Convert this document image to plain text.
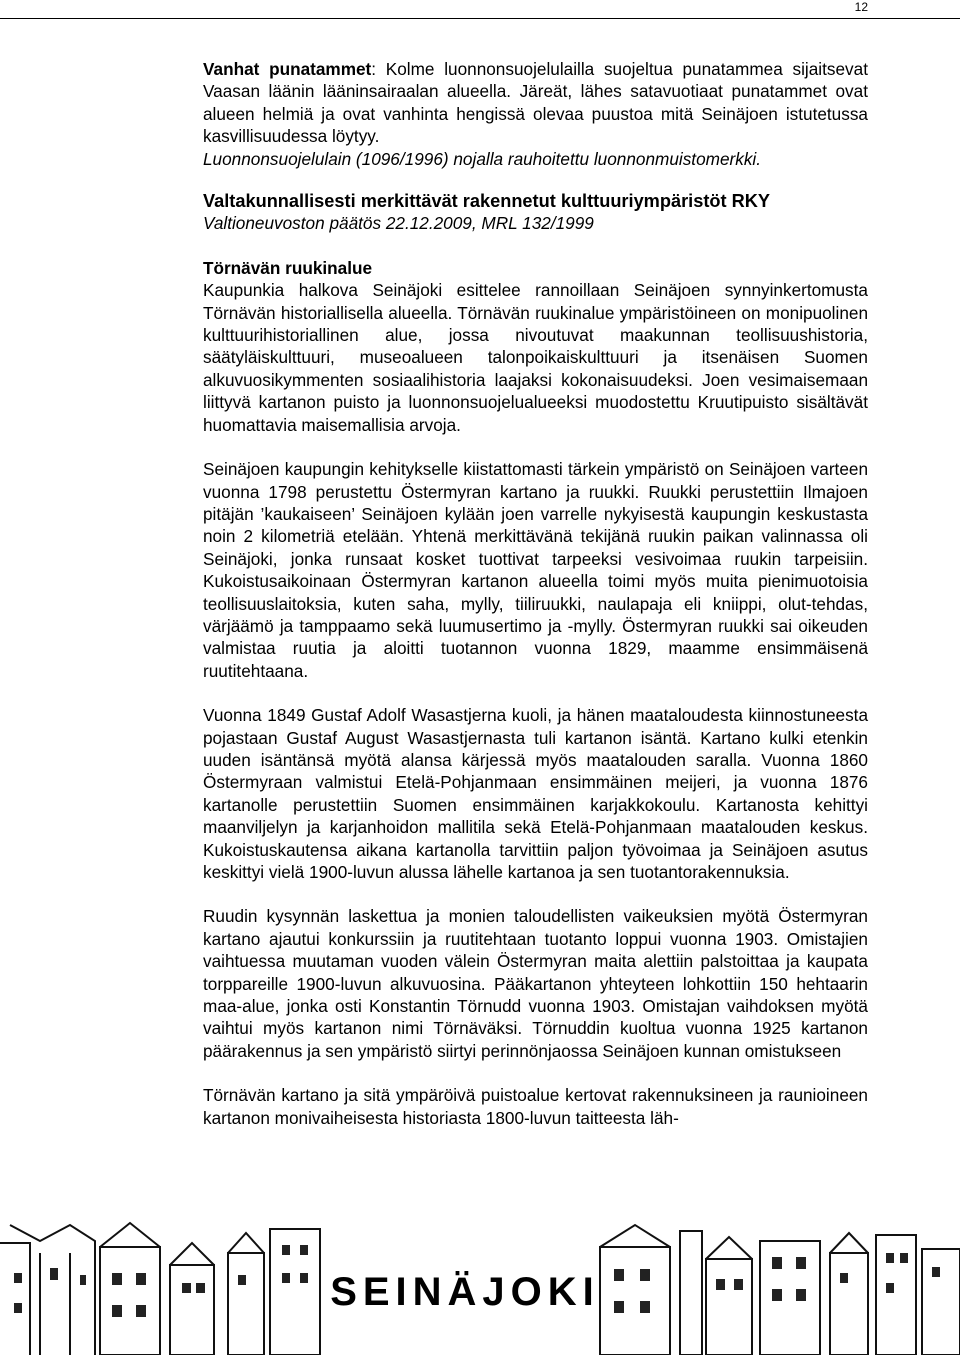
12

Vanhat punatammet: Kolme luonnonsuojelulailla suojeltua punatammea sijaitsevat Vaasan läänin lääninsairaalan alueella. Järeät, lähes satavuotiaat punatammet ovat alueen helmiä ja ovat vanhinta hengissä olevaa puustoa mitä Seinäjoen istutetussa kasvillisuudessa löytyy.

Luonnonsuojelulain (1096/1996) nojalla rauhoitettu luonnonmuistomerkki.

Valtakunnallisesti merkittävät rakennetut kulttuuriympäristöt RKY

Valtioneuvoston päätös 22.12.2009, MRL 132/1999

Törnävän ruukinalue

Kaupunkia halkova Seinäjoki esittelee rannoillaan Seinäjoen synnyinkertomusta Törnävän historiallisella alueella. Törnävän ruukinalue ympäristöineen on monipuolinen kulttuurihistoriallinen alue, jossa nivoutuvat maakunnan teollisuushistoria, säätyläiskulttuuri, museoalueen talonpoikaiskulttuuri ja itsenäisen Suomen alkuvuosikymmenten sosiaalihistoria laajaksi kokonaisuudeksi. Joen vesimaisemaan liittyvä kartanon puisto ja luonnonsuojelualueeksi muodostettu Kruutipuisto sisältävät huomattavia maisemallisia arvoja.

Seinäjoen kaupungin kehitykselle kiistattomasti tärkein ympäristö on Seinäjoen varteen vuonna 1798 perustettu Östermyran kartano ja ruukki. Ruukki perustettiin Ilmajoen pitäjän ’kaukaiseen’ Seinäjoen kylään joen varrelle nykyisestä kaupungin keskustasta noin 2 kilometriä etelään. Yhtenä merkittävänä tekijänä ruukin paikan valinnassa oli Seinäjoki, jonka runsaat kosket tuottivat tarpeeksi vesivoimaa ruukin tarpeisiin. Kukoistusaikoinaan Östermyran kartanon alueella toimi myös muita pienimuotoisia teollisuuslaitoksia, kuten saha, mylly, tiiliruukki, naulapaja eli kniippi, olut-tehdas, värjäämö ja tamppaamo sekä luumusertimo ja -mylly. Östermyran ruukki sai oikeuden valmistaa ruutia ja aloitti tuotannon vuonna 1829, maamme ensimmäisenä ruutitehtaana.

Vuonna 1849 Gustaf Adolf Wasastjerna kuoli, ja hänen maataloudesta kiinnostuneesta pojastaan Gustaf August Wasastjernasta tuli kartanon isäntä. Kartano kulki etenkin uuden isäntänsä myötä alansa kärjessä myös maatalouden saralla. Vuonna 1860 Östermyraan valmistui Etelä-Pohjanmaan ensimmäinen meijeri, ja vuonna 1876 kartanolle perustettiin Suomen ensimmäinen karjakkokoulu. Kartanosta kehittyi maanviljelyn ja karjanhoidon mallitila sekä Etelä-Pohjanmaan maatalouden keskus. Kukoistuskautensa aikana kartanolla tarvittiin paljon työvoimaa ja Seinäjoen asutus keskittyi vielä 1900-luvun alussa lähelle kartanoa ja sen tuotantorakennuksia.

Ruudin kysynnän laskettua ja monien taloudellisten vaikeuksien myötä Östermyran kartano ajautui konkurssiin ja ruutitehtaan tuotanto loppui vuonna 1903. Omistajien vaihtuessa muutaman vuoden välein Östermyran maita alettiin palstoittaa ja kaupata torppareille 1900-luvun alkuvuosina. Pääkartanon yhteyteen lohkottiin 150 hehtaarin maa-alue, jonka osti Konstantin Törnudd vuonna 1903. Omistajan vaihdoksen myötä vaihtui myös kartanon nimi Törnäväksi. Törnuddin kuoltua vuonna 1925 kartanon päärakennus ja sen ympäristö siirtyi perinnönjaossa Seinäjoen kunnan omistukseen

Törnävän kartano ja sitä ympäröivä puistoalue kertovat rakennuksineen ja raunioineen kartanon monivaiheisesta historiasta 1800-luvun taitteesta läh-

SEINÄJOKI
